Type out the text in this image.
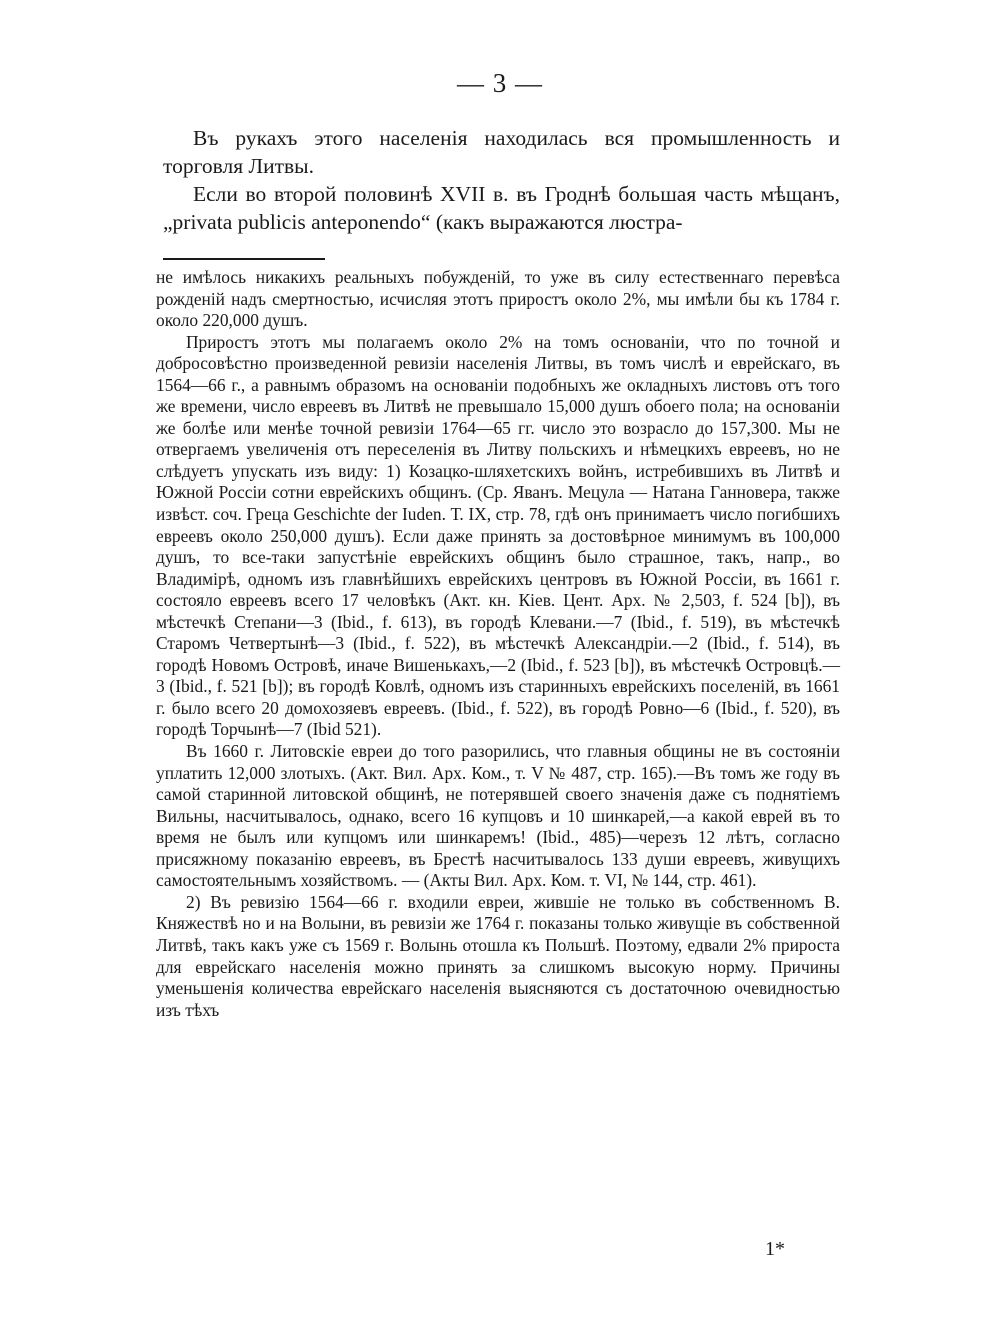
— 3 —

Въ рукахъ этого населенія находилась вся промышленность и торговля Литвы.

Если во второй половинѣ XVII в. въ Гроднѣ большая часть мѣщанъ, „privata publicis anteponendo“ (какъ выражаются люстра-

не имѣлось никакихъ реальныхъ побужденій, то уже въ силу естественнаго перевѣса рожденій надъ смертностью, исчисляя этотъ приростъ около 2%, мы имѣли бы къ 1784 г. около 220,000 душъ.

Приростъ этотъ мы полагаемъ около 2% на томъ основаніи, что по точной и добросовѣстно произведенной ревизіи населенія Литвы, въ томъ числѣ и еврейскаго, въ 1564—66 г., а равнымъ образомъ на основаніи подобныхъ же окладныхъ листовъ отъ того же времени, число евреевъ въ Литвѣ не превышало 15,000 душъ обоего пола; на основаніи же болѣе или менѣе точной ревизіи 1764—65 гг. число это возрасло до 157,300. Мы не отвергаемъ увеличенія отъ переселенія въ Литву польскихъ и нѣмецкихъ евреевъ, но не слѣдуетъ упускать изъ виду: 1) Козацко-шляхетскихъ войнъ, истребившихъ въ Литвѣ и Южной Россіи сотни еврейскихъ общинъ. (Ср. Яванъ. Мецула — Натана Ганновера, также извѣст. соч. Греца Geschichte der Iuden. Т. IX, стр. 78, гдѣ онъ принимаетъ число погибшихъ евреевъ около 250,000 душъ). Если даже принять за достовѣрное минимумъ въ 100,000 душъ, то все-таки запустѣніе еврейскихъ общинъ было страшное, такъ, напр., во Владимірѣ, одномъ изъ главнѣйшихъ еврейскихъ центровъ въ Южной Россіи, въ 1661 г. состояло евреевъ всего 17 человѣкъ (Акт. кн. Кіев. Цент. Арх. № 2,503, f. 524 [b]), въ мѣстечкѣ Степани—3 (Ibid., f. 613), въ городѣ Клевани.—7 (Ibid., f. 519), въ мѣстечкѣ Старомъ Четвертынѣ—3 (Ibid., f. 522), въ мѣстечкѣ Александріи.—2 (Ibid., f. 514), въ городѣ Новомъ Островѣ, иначе Вишенькахъ,—2 (Ibid., f. 523 [b]), въ мѣстечкѣ Островцѣ.—3 (Ibid., f. 521 [b]); въ городѣ Ковлѣ, одномъ изъ старинныхъ еврейскихъ поселеній, въ 1661 г. было всего 20 домохозяевъ евреевъ. (Ibid., f. 522), въ городѣ Ровно—6 (Ibid., f. 520), въ городѣ Торчынѣ—7 (Ibid 521).

Въ 1660 г. Литовскіе евреи до того разорились, что главныя общины не въ состояніи уплатить 12,000 злотыхъ. (Акт. Вил. Арх. Ком., т. V № 487, стр. 165).—Въ томъ же году въ самой старинной литовской общинѣ, не потерявшей своего значенія даже съ поднятіемъ Вильны, насчитывалось, однако, всего 16 купцовъ и 10 шинкарей,—а какой еврей въ то время не былъ или купцомъ или шинкаремъ! (Ibid., 485)—черезъ 12 лѣтъ, согласно присяжному показанію евреевъ, въ Брестѣ насчитывалось 133 души евреевъ, живущихъ самостоятельнымъ хозяйствомъ. — (Акты Вил. Арх. Ком. т. VI, № 144, стр. 461).

2) Въ ревизію 1564—66 г. входили евреи, жившіе не только въ собственномъ В. Княжествѣ но и на Волыни, въ ревизіи же 1764 г. показаны только живущіе въ собственной Литвѣ, такъ какъ уже съ 1569 г. Волынь отошла къ Польшѣ. Поэтому, едвали 2% прироста для еврейскаго населенія можно принять за слишкомъ высокую норму. Причины уменьшенія количества еврейскаго населенія выясняются съ достаточною очевидностью изъ тѣхъ

1*
